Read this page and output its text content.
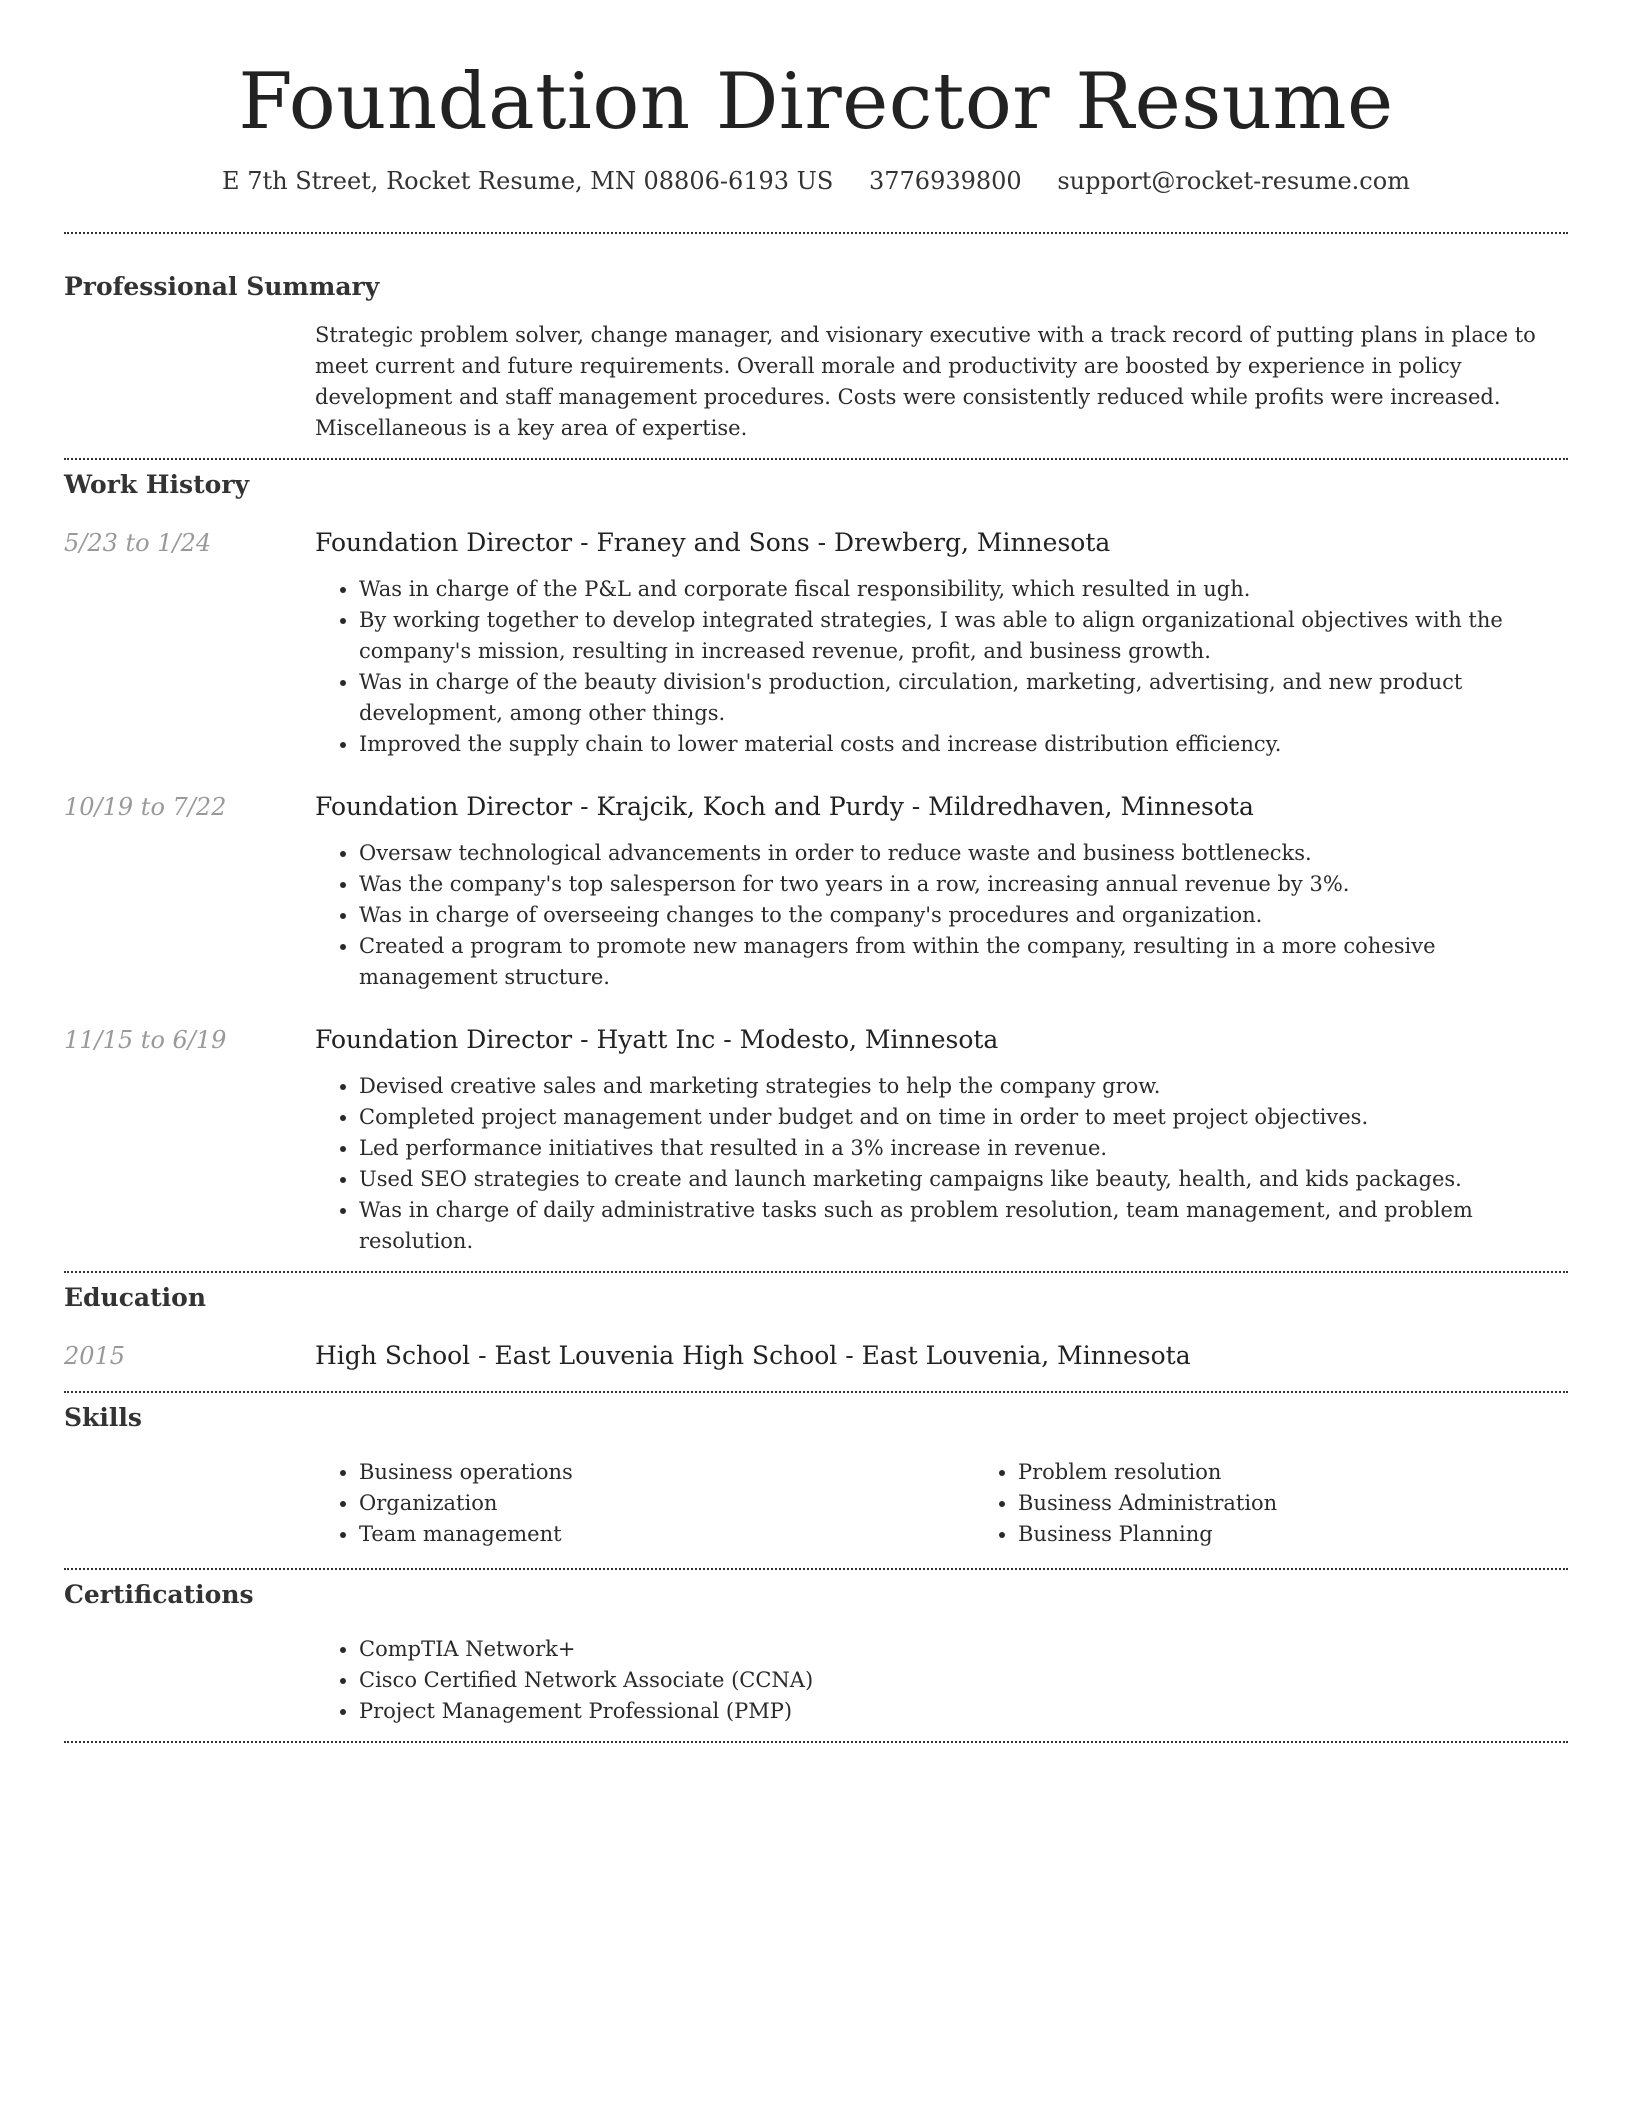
Foundation Director Resume
E 7th Street, Rocket Resume, MN 08806-6193 US 3776939800 support@rocket-resume.com
Professional Summary
Strategic problem solver, change manager, and visionary executive with a track record of putting plans in place to meet current and future requirements. Overall morale and productivity are boosted by experience in policy development and staff management procedures. Costs were consistently reduced while profits were increased. Miscellaneous is a key area of expertise.
Work History
5/23 to 1/24	Foundation Director - Franey and Sons - Drewberg, Minnesota
• Was in charge of the P&L and corporate fiscal responsibility, which resulted in ugh.
• By working together to develop integrated strategies, I was able to align organizational objectives with the company's mission, resulting in increased revenue, profit, and business growth.
• Was in charge of the beauty division's production, circulation, marketing, advertising, and new product development, among other things.
• Improved the supply chain to lower material costs and increase distribution efficiency.
10/19 to 7/22	Foundation Director - Krajcik, Koch and Purdy - Mildredhaven, Minnesota
• Oversaw technological advancements in order to reduce waste and business bottlenecks.
• Was the company's top salesperson for two years in a row, increasing annual revenue by 3%.
• Was in charge of overseeing changes to the company's procedures and organization.
• Created a program to promote new managers from within the company, resulting in a more cohesive management structure.
11/15 to 6/19	Foundation Director - Hyatt Inc - Modesto, Minnesota
• Devised creative sales and marketing strategies to help the company grow.
• Completed project management under budget and on time in order to meet project objectives.
• Led performance initiatives that resulted in a 3% increase in revenue.
• Used SEO strategies to create and launch marketing campaigns like beauty, health, and kids packages.
• Was in charge of daily administrative tasks such as problem resolution, team management, and problem resolution.
Education
2015	High School - East Louvenia High School - East Louvenia, Minnesota
Skills
• Business operations
• Organization
• Team management
• Problem resolution
• Business Administration
• Business Planning
Certifications
• CompTIA Network+
• Cisco Certified Network Associate (CCNA)
• Project Management Professional (PMP)
